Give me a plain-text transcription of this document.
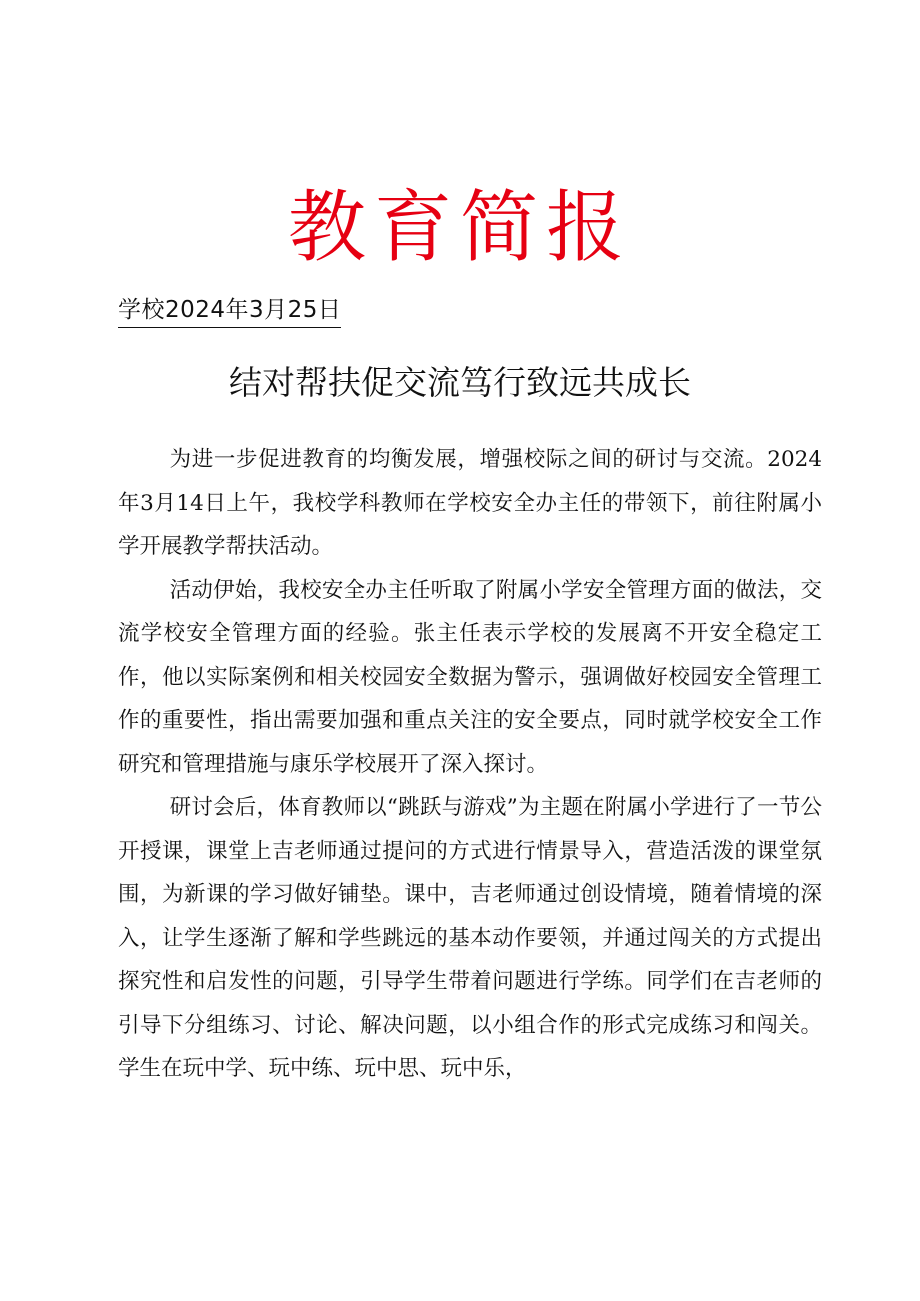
教育简报
学校2024年3月25日
结对帮扶促交流笃行致远共成长

为进一步促进教育的均衡发展，增强校际之间的研讨与交流。2024年3月14日上午，我校学科教师在学校安全办主任的带领下，前往附属小学开展教学帮扶活动。

活动伊始，我校安全办主任听取了附属小学安全管理方面的做法，交流学校安全管理方面的经验。张主任表示学校的发展离不开安全稳定工作，他以实际案例和相关校园安全数据为警示，强调做好校园安全管理工作的重要性，指出需要加强和重点关注的安全要点，同时就学校安全工作研究和管理措施与康乐学校展开了深入探讨。

研讨会后，体育教师以“跳跃与游戏”为主题在附属小学进行了一节公开授课，课堂上吉老师通过提问的方式进行情景导入，营造活泼的课堂氛围，为新课的学习做好铺垫。课中，吉老师通过创设情境，随着情境的深入，让学生逐渐了解和学些跳远的基本动作要领，并通过闯关的方式提出探究性和启发性的问题，引导学生带着问题进行学练。同学们在吉老师的引导下分组练习、讨论、解决问题，以小组合作的形式完成练习和闯关。学生在玩中学、玩中练、玩中思、玩中乐，
